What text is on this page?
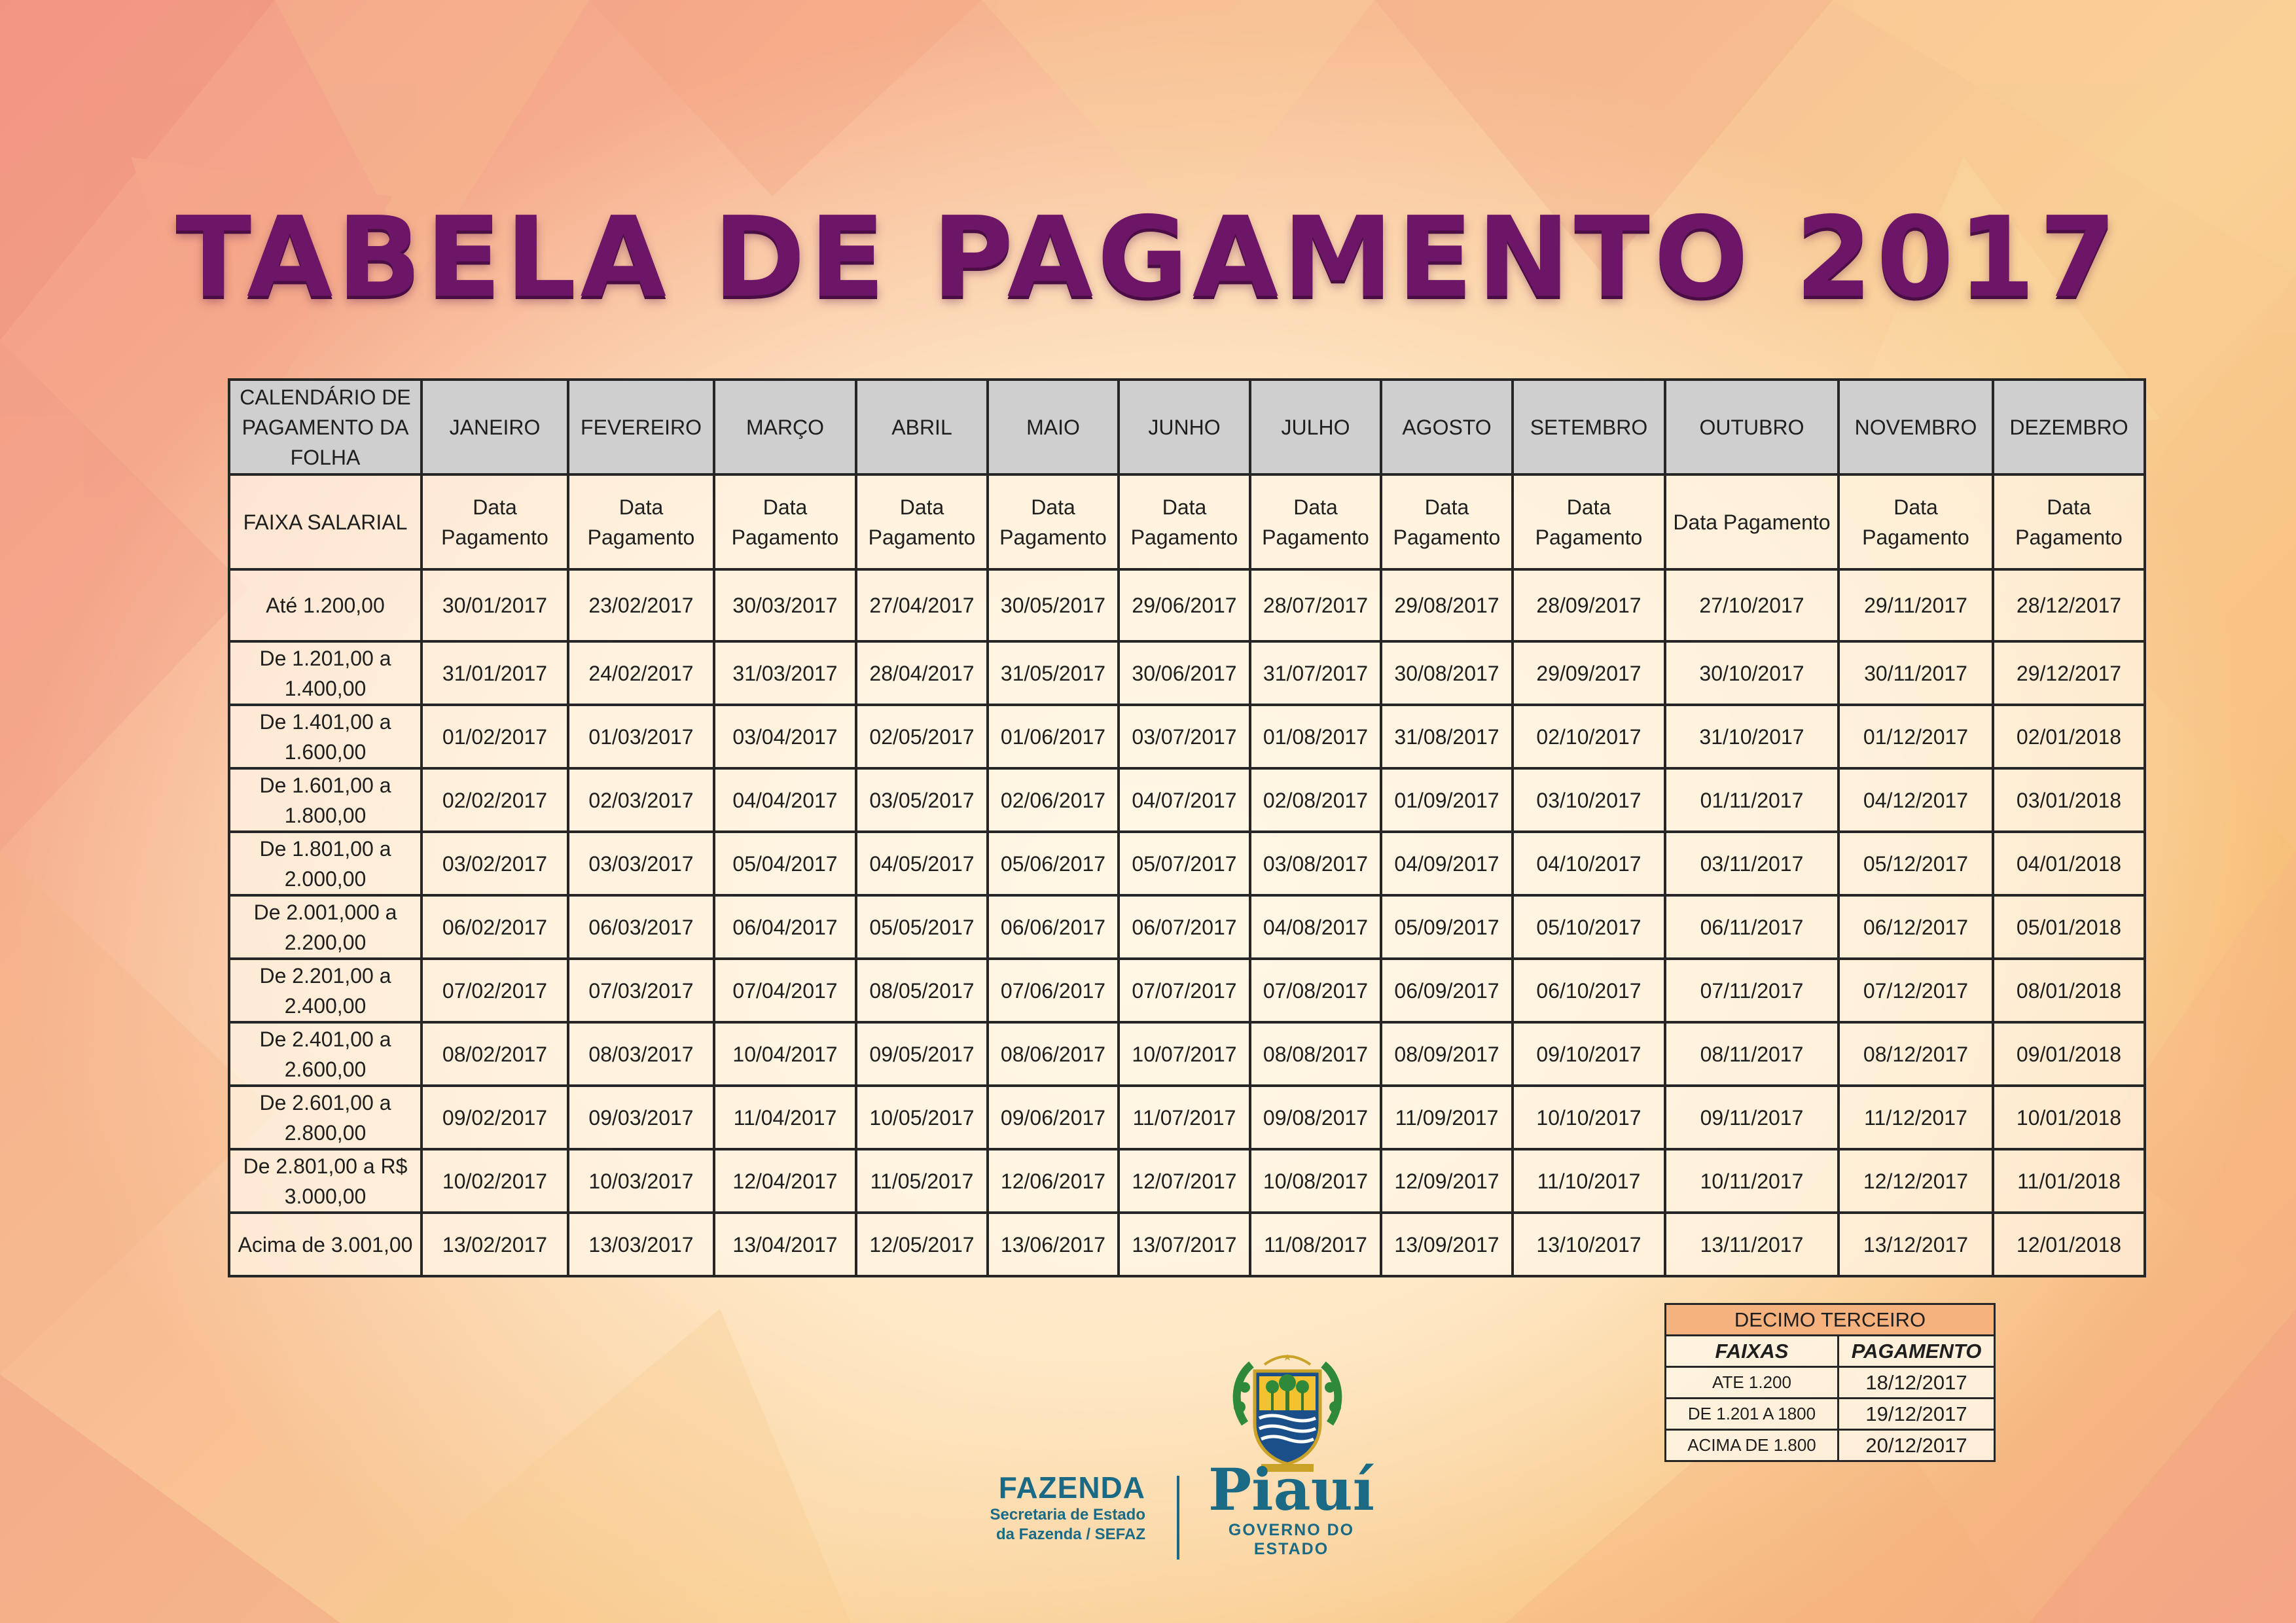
TABELA DE PAGAMENTO 2017
CALENDÁRIO DE PAGAMENTO DA FOLHA	JANEIRO	FEVEREIRO	MARÇO	ABRIL	MAIO	JUNHO	JULHO	AGOSTO	SETEMBRO	OUTUBRO	NOVEMBRO	DEZEMBRO
FAIXA SALARIAL	Data Pagamento	Data Pagamento	Data Pagamento	Data Pagamento	Data Pagamento	Data Pagamento	Data Pagamento	Data Pagamento	Data Pagamento	Data Pagamento	Data Pagamento	Data Pagamento
Até 1.200,00	30/01/2017	23/02/2017	30/03/2017	27/04/2017	30/05/2017	29/06/2017	28/07/2017	29/08/2017	28/09/2017	27/10/2017	29/11/2017	28/12/2017
De 1.201,00 a 1.400,00	31/01/2017	24/02/2017	31/03/2017	28/04/2017	31/05/2017	30/06/2017	31/07/2017	30/08/2017	29/09/2017	30/10/2017	30/11/2017	29/12/2017
De 1.401,00 a 1.600,00	01/02/2017	01/03/2017	03/04/2017	02/05/2017	01/06/2017	03/07/2017	01/08/2017	31/08/2017	02/10/2017	31/10/2017	01/12/2017	02/01/2018
De 1.601,00 a 1.800,00	02/02/2017	02/03/2017	04/04/2017	03/05/2017	02/06/2017	04/07/2017	02/08/2017	01/09/2017	03/10/2017	01/11/2017	04/12/2017	03/01/2018
De 1.801,00 a 2.000,00	03/02/2017	03/03/2017	05/04/2017	04/05/2017	05/06/2017	05/07/2017	03/08/2017	04/09/2017	04/10/2017	03/11/2017	05/12/2017	04/01/2018
De 2.001,000 a 2.200,00	06/02/2017	06/03/2017	06/04/2017	05/05/2017	06/06/2017	06/07/2017	04/08/2017	05/09/2017	05/10/2017	06/11/2017	06/12/2017	05/01/2018
De 2.201,00 a 2.400,00	07/02/2017	07/03/2017	07/04/2017	08/05/2017	07/06/2017	07/07/2017	07/08/2017	06/09/2017	06/10/2017	07/11/2017	07/12/2017	08/01/2018
De 2.401,00 a 2.600,00	08/02/2017	08/03/2017	10/04/2017	09/05/2017	08/06/2017	10/07/2017	08/08/2017	08/09/2017	09/10/2017	08/11/2017	08/12/2017	09/01/2018
De 2.601,00 a 2.800,00	09/02/2017	09/03/2017	11/04/2017	10/05/2017	09/06/2017	11/07/2017	09/08/2017	11/09/2017	10/10/2017	09/11/2017	11/12/2017	10/01/2018
De 2.801,00 a R$ 3.000,00	10/02/2017	10/03/2017	12/04/2017	11/05/2017	12/06/2017	12/07/2017	10/08/2017	12/09/2017	11/10/2017	10/11/2017	12/12/2017	11/01/2018
Acima de 3.001,00	13/02/2017	13/03/2017	13/04/2017	12/05/2017	13/06/2017	13/07/2017	11/08/2017	13/09/2017	13/10/2017	13/11/2017	13/12/2017	12/01/2018
DECIMO TERCEIRO	
FAIXAS	PAGAMENTO
ATE 1.200	18/12/2017
DE 1.201 A 1800	19/12/2017
ACIMA DE 1.800	20/12/2017
FAZENDA
Secretaria de Estado
da Fazenda / SEFAZ
Piauí
GOVERNO DO ESTADO
